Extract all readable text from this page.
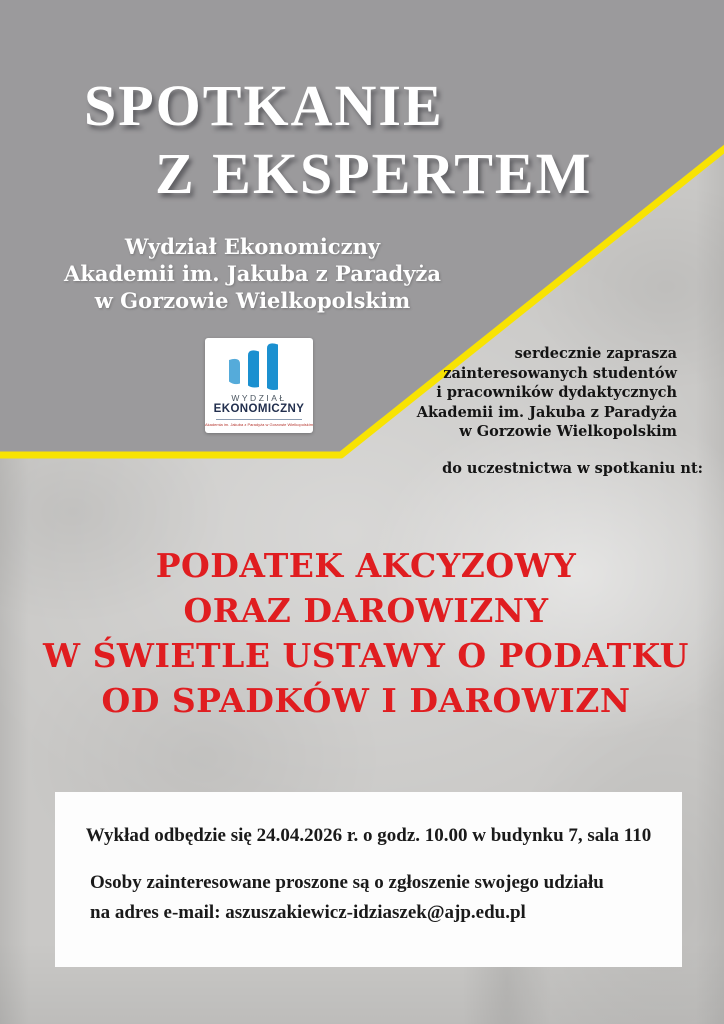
SPOTKANIE
Z EKSPERTEM
Wydział Ekonomiczny
Akademii im. Jakuba z Paradyża
w Gorzowie Wielkopolskim
WYDZIAŁ
EKONOMICZNY
Akademia im. Jakuba z Paradyża w Gorzowie Wielkopolskim
serdecznie zaprasza
zainteresowanych studentów
i pracowników dydaktycznych
Akademii im. Jakuba z Paradyża
w Gorzowie Wielkopolskim
do uczestnictwa w spotkaniu nt:
PODATEK AKCYZOWY
ORAZ DAROWIZNY
W ŚWIETLE USTAWY O PODATKU
OD SPADKÓW I DAROWIZN
Wykład odbędzie się 24.04.2026 r. o godz. 10.00 w budynku 7, sala 110
Osoby zainteresowane proszone są o zgłoszenie swojego udziału
na adres e-mail: aszuszakiewicz-idziaszek@ajp.edu.pl
